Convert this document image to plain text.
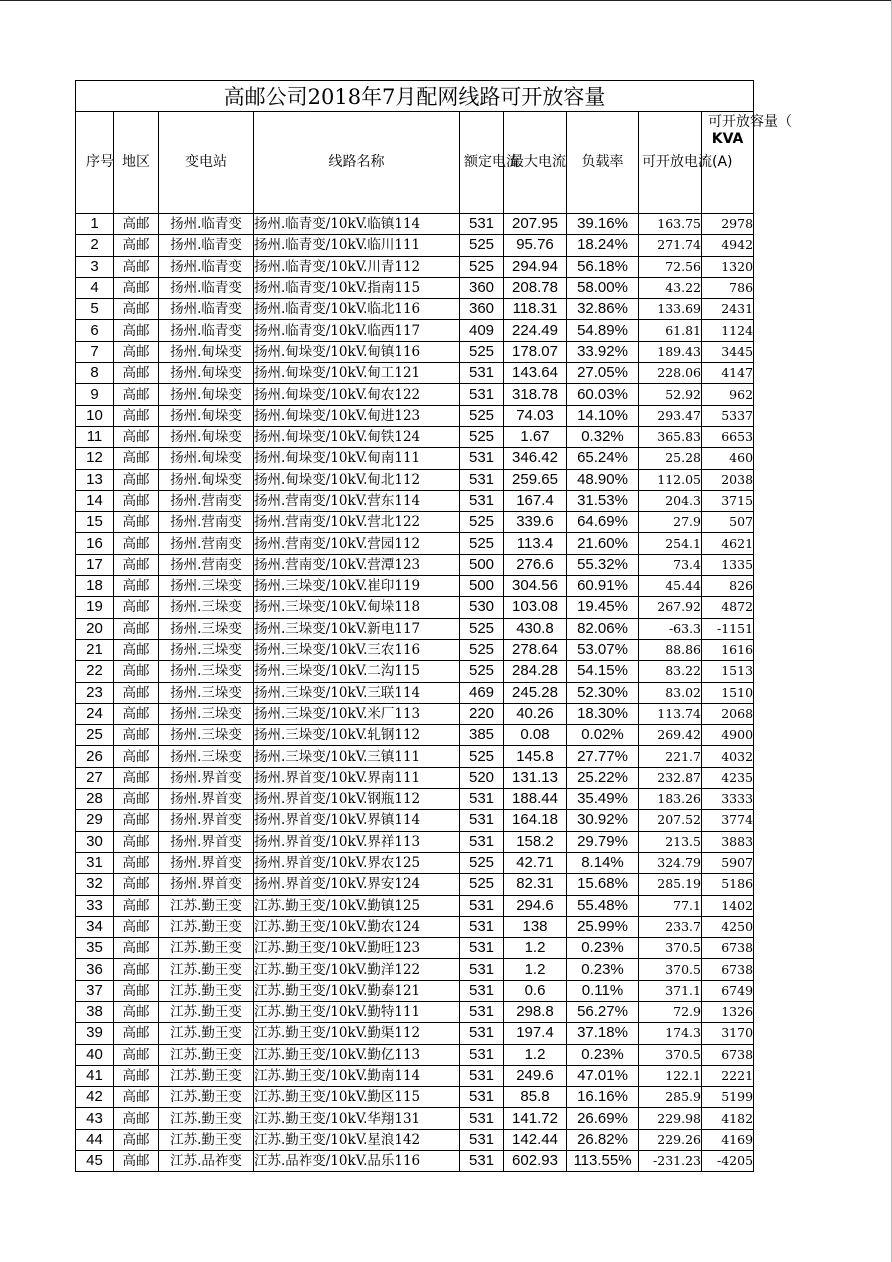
高邮公司2018年7月配网线路可开放容量								
序号	地区	变电站	线路名称	额定电流	最大电流	负载率	可开放电流(A)	可开放容量（
KVA
1	高邮	扬州.临青变	扬州.临青变/10kV.临镇114	531	207.95	39.16%	163.75	2978
2	高邮	扬州.临青变	扬州.临青变/10kV.临川111	525	95.76	18.24%	271.74	4942
3	高邮	扬州.临青变	扬州.临青变/10kV.川青112	525	294.94	56.18%	72.56	1320
4	高邮	扬州.临青变	扬州.临青变/10kV.指南115	360	208.78	58.00%	43.22	786
5	高邮	扬州.临青变	扬州.临青变/10kV.临北116	360	118.31	32.86%	133.69	2431
6	高邮	扬州.临青变	扬州.临青变/10kV.临西117	409	224.49	54.89%	61.81	1124
7	高邮	扬州.甸垛变	扬州.甸垛变/10kV.甸镇116	525	178.07	33.92%	189.43	3445
8	高邮	扬州.甸垛变	扬州.甸垛变/10kV.甸工121	531	143.64	27.05%	228.06	4147
9	高邮	扬州.甸垛变	扬州.甸垛变/10kV.甸农122	531	318.78	60.03%	52.92	962
10	高邮	扬州.甸垛变	扬州.甸垛变/10kV.甸进123	525	74.03	14.10%	293.47	5337
11	高邮	扬州.甸垛变	扬州.甸垛变/10kV.甸铁124	525	1.67	0.32%	365.83	6653
12	高邮	扬州.甸垛变	扬州.甸垛变/10kV.甸南111	531	346.42	65.24%	25.28	460
13	高邮	扬州.甸垛变	扬州.甸垛变/10kV.甸北112	531	259.65	48.90%	112.05	2038
14	高邮	扬州.营南变	扬州.营南变/10kV.营东114	531	167.4	31.53%	204.3	3715
15	高邮	扬州.营南变	扬州.营南变/10kV.营北122	525	339.6	64.69%	27.9	507
16	高邮	扬州.营南变	扬州.营南变/10kV.营园112	525	113.4	21.60%	254.1	4621
17	高邮	扬州.营南变	扬州.营南变/10kV.营潭123	500	276.6	55.32%	73.4	1335
18	高邮	扬州.三垛变	扬州.三垛变/10kV.崔印119	500	304.56	60.91%	45.44	826
19	高邮	扬州.三垛变	扬州.三垛变/10kV.甸垛118	530	103.08	19.45%	267.92	4872
20	高邮	扬州.三垛变	扬州.三垛变/10kV.新电117	525	430.8	82.06%	-63.3	-1151
21	高邮	扬州.三垛变	扬州.三垛变/10kV.三农116	525	278.64	53.07%	88.86	1616
22	高邮	扬州.三垛变	扬州.三垛变/10kV.二沟115	525	284.28	54.15%	83.22	1513
23	高邮	扬州.三垛变	扬州.三垛变/10kV.三联114	469	245.28	52.30%	83.02	1510
24	高邮	扬州.三垛变	扬州.三垛变/10kV.米厂113	220	40.26	18.30%	113.74	2068
25	高邮	扬州.三垛变	扬州.三垛变/10kV.轧钢112	385	0.08	0.02%	269.42	4900
26	高邮	扬州.三垛变	扬州.三垛变/10kV.三镇111	525	145.8	27.77%	221.7	4032
27	高邮	扬州.界首变	扬州.界首变/10kV.界南111	520	131.13	25.22%	232.87	4235
28	高邮	扬州.界首变	扬州.界首变/10kV.钢瓶112	531	188.44	35.49%	183.26	3333
29	高邮	扬州.界首变	扬州.界首变/10kV.界镇114	531	164.18	30.92%	207.52	3774
30	高邮	扬州.界首变	扬州.界首变/10kV.界祥113	531	158.2	29.79%	213.5	3883
31	高邮	扬州.界首变	扬州.界首变/10kV.界农125	525	42.71	8.14%	324.79	5907
32	高邮	扬州.界首变	扬州.界首变/10kV.界安124	525	82.31	15.68%	285.19	5186
33	高邮	江苏.勤王变	江苏.勤王变/10kV.勤镇125	531	294.6	55.48%	77.1	1402
34	高邮	江苏.勤王变	江苏.勤王变/10kV.勤农124	531	138	25.99%	233.7	4250
35	高邮	江苏.勤王变	江苏.勤王变/10kV.勤旺123	531	1.2	0.23%	370.5	6738
36	高邮	江苏.勤王变	江苏.勤王变/10kV.勤洋122	531	1.2	0.23%	370.5	6738
37	高邮	江苏.勤王变	江苏.勤王变/10kV.勤泰121	531	0.6	0.11%	371.1	6749
38	高邮	江苏.勤王变	江苏.勤王变/10kV.勤特111	531	298.8	56.27%	72.9	1326
39	高邮	江苏.勤王变	江苏.勤王变/10kV.勤渠112	531	197.4	37.18%	174.3	3170
40	高邮	江苏.勤王变	江苏.勤王变/10kV.勤亿113	531	1.2	0.23%	370.5	6738
41	高邮	江苏.勤王变	江苏.勤王变/10kV.勤南114	531	249.6	47.01%	122.1	2221
42	高邮	江苏.勤王变	江苏.勤王变/10kV.勤区115	531	85.8	16.16%	285.9	5199
43	高邮	江苏.勤王变	江苏.勤王变/10kV.华翔131	531	141.72	26.69%	229.98	4182
44	高邮	江苏.勤王变	江苏.勤王变/10kV.星浪142	531	142.44	26.82%	229.26	4169
45	高邮	江苏.品祚变	江苏.品祚变/10kV.品乐116	531	602.93	113.55%	-231.23	-4205
